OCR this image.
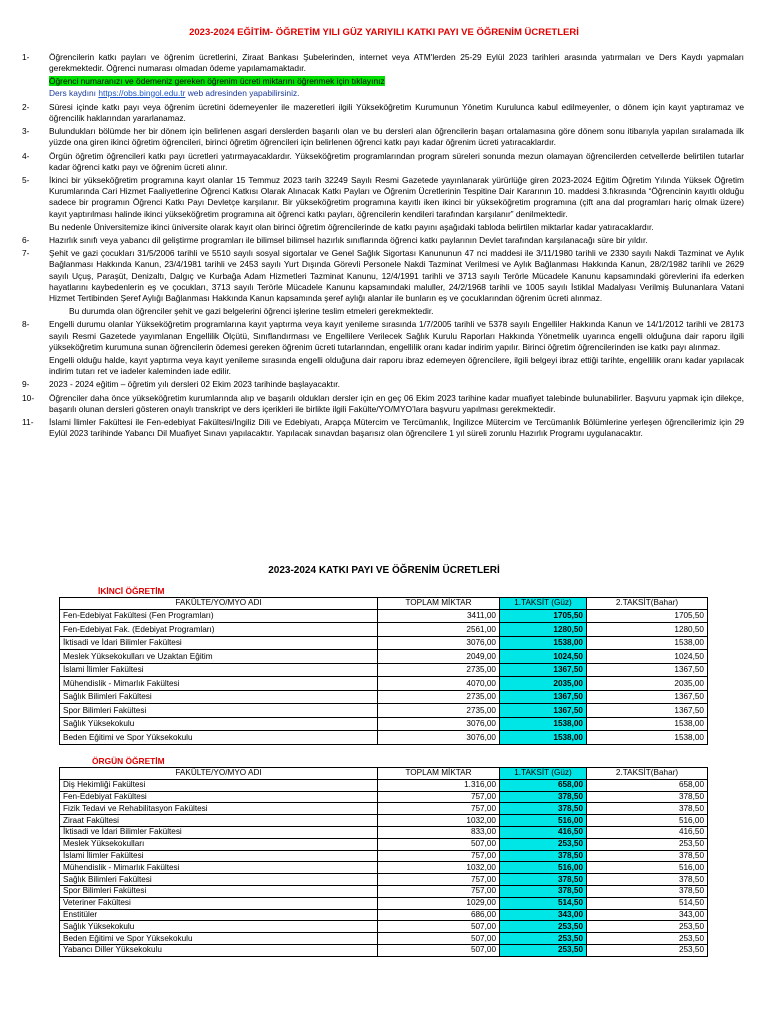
2023-2024 EĞİTİM- ÖĞRETİM YILI GÜZ YARIYILI KATKI PAYI VE ÖĞRENİM ÜCRETLERİ
1-	Öğrencilerin katkı payları ve öğrenim ücretlerini, Ziraat Bankası Şubelerinden, internet veya ATM'lerden 25-29 Eylül 2023 tarihleri arasında yatırmaları ve Ders Kaydı yapmaları gerekmektedir. Öğrenci numarası olmadan ödeme yapılamamaktadır.
Öğrenci numaranızı ve ödemeniz gereken öğrenim ücreti miktarını öğrenmek için tıklayınız
Ders kaydını https://obs.bingol.edu.tr web adresinden yapabilirsiniz.
2-	Süresi içinde katkı payı veya öğrenim ücretini ödemeyenler ile mazeretleri ilgili Yükseköğretim Kurumunun Yönetim Kurulunca kabul edilmeyenler, o dönem için kayıt yaptıramaz ve öğrencilik haklarından yararlanamaz.
3-	Bulundukları bölümde her bir dönem için belirlenen asgari derslerden başarılı olan ve bu dersleri alan öğrencilerin başarı ortalamasına göre dönem sonu itibarıyla yapılan sıralamada ilk yüzde ona giren ikinci öğretim öğrencileri, birinci öğretim öğrencileri için belirlenen öğrenci katkı payı kadar öğrenim ücreti yatıracaklardır.
4-	Örgün öğretim öğrencileri katkı payı ücretleri yatırmayacaklardır. Yükseköğretim programlarından program süreleri sonunda mezun olamayan öğrencilerden cetvellerde belirtilen tutarlar kadar öğrenci katkı payı ve öğrenim ücreti alınır.
5-	İkinci bir yükseköğretim programına kayıt olanlar 15 Temmuz 2023 tarih 32249 Sayılı Resmi Gazetede yayınlanarak yürürlüğe giren 2023-2024 Eğitim Öğretim Yılında Yüksek Öğretim Kurumlarında Cari Hizmet Faaliyetlerine Öğrenci Katkısı Olarak Alınacak Katkı Payları ve Öğrenim Ücretlerinin Tespitine Dair Kararının 10. maddesi 3.fıkrasında “Öğrencinin kayıtlı olduğu sadece bir programın Öğrenci Katkı Payı Devletçe karşılanır. Bir yükseköğretim programına kayıtlı iken ikinci bir yükseköğretim programına (çift ana dal programları hariç olmak üzere) kayıt yaptırılması halinde ikinci yükseköğretim programına ait öğrenci katkı payları, öğrencilerin kendileri tarafından karşılanır” denilmektedir.
Bu nedenle Üniversitemize ikinci üniversite olarak kayıt olan birinci öğretim öğrencilerinde de katkı payını aşağıdaki tabloda belirtilen miktarlar kadar yatıracaklardır.
6-	Hazırlık sınıfı veya yabancı dil geliştirme programları ile bilimsel bilimsel hazırlık sınıflarında öğrenci katkı paylarının Devlet tarafından karşılanacağı süre bir yıldır.
7-	Şehit ve gazi çocukları 31/5/2006 tarihli ve 5510 sayılı sosyal sigortalar ve Genel Sağlık Sigortası Kanununun 47 nci maddesi ile 3/11/1980 tarihli ve 2330 sayılı Nakdi Tazminat ve Aylık Bağlanması Hakkında Kanun, 23/4/1981 tarihli ve 2453 sayılı Yurt Dışında Görevli Personele Nakdi Tazminat Verilmesi ve Aylık Bağlanması Hakkında Kanun, 28/2/1982 tarihli ve 2629 sayılı Uçuş, Paraşüt, Denizaltı, Dalgıç ve Kurbağa Adam Hizmetleri Tazminat Kanunu, 12/4/1991 tarihli ve 3713 sayılı Terörle Mücadele Kanunu kapsamındaki görevlerini ifa ederken hayatlarını kaybedenlerin eş ve çocukları, 3713 sayılı Terörle Mücadele Kanunu kapsamındaki maluller, 24/2/1968 tarihli ve 1005 sayılı İstiklal Madalyası Verilmiş Bulunanlara Vatani Hizmet Tertibinden Şeref Aylığı Bağlanması Hakkında Kanun kapsamında şeref aylığı alanlar ile bunların eş ve çocuklarından öğrenim ücreti alınmaz.
Bu durumda olan öğrenciler şehit ve gazi belgelerini öğrenci işlerine teslim etmeleri gerekmektedir.
8-	Engelli durumu olanlar Yükseköğretim programlarına kayıt yaptırma veya kayıt yenileme sırasında 1/7/2005 tarihli ve 5378 sayılı Engelliler Hakkında Kanun ve 14/1/2012 tarihli ve 28173 sayılı Resmi Gazetede yayımlanan Engellilik Ölçütü, Sınıflandırması ve Engellilere Verilecek Sağlık Kurulu Raporları Hakkında Yönetmelik uyarınca engelli olduğuna dair raporu ilgili yükseköğretim kurumuna sunan öğrencilerin ödemesi gereken öğrenim ücreti tutarlarından, engellilik oranı kadar indirim yapılır. Birinci öğretim öğrencilerinden ise katkı payı alınmaz.
Engelli olduğu halde, kayıt yaptırma veya kayıt yenileme sırasında engelli olduğuna dair raporu ibraz edemeyen öğrencilere, ilgili belgeyi ibraz ettiği tarihte, engellilik oranı kadar yapılacak indirim tutarı ret ve iadeler kaleminden iade edilir.
9-	2023 - 2024 eğitim – öğretim yılı dersleri 02 Ekim 2023 tarihinde başlayacaktır.
10-	Öğrenciler daha önce yükseköğretim kurumlarında alıp ve başarılı oldukları dersler için en geç 06 Ekim 2023 tarihine kadar muafiyet talebinde bulunabilirler. Başvuru yapmak için dilekçe, başarılı olunan dersleri gösteren onaylı transkript ve ders içerikleri ile birlikte ilgili Fakülte/YO/MYO’lara başvuru yapılması gerekmektedir.
11-	İslami İlimler Fakültesi ile Fen-edebiyat Fakültesi/İngiliz Dili ve Edebiyatı, Arapça Mütercim ve Tercümanlık, İngilizce Mütercim ve Tercümanlık Bölümlerine yerleşen öğrencilerimiz için 29 Eylül 2023 tarihinde Yabancı Dil Muafiyet Sınavı yapılacaktır. Yapılacak sınavdan başarısız olan öğrencilere 1 yıl süreli zorunlu Hazırlık Programı uygulanacaktır.
2023-2024 KATKI PAYI VE ÖĞRENİM ÜCRETLERİ
İKİNCİ ÖĞRETİM
FAKÜLTE/YO/MYO ADI	TOPLAM MİKTAR	1.TAKSİT (Güz)	2.TAKSİT(Bahar)
Fen-Edebiyat Fakültesi (Fen Programları)	3411,00	1705,50	1705,50
Fen-Edebiyat Fak. (Edebiyat Programları)	2561,00	1280,50	1280,50
İktisadi ve İdari Bilimler Fakültesi	3076,00	1538,00	1538,00
Meslek Yüksekokulları ve Uzaktan Eğitim	2049,00	1024,50	1024,50
İslami İlimler Fakültesi	2735,00	1367,50	1367,50
Mühendislik - Mimarlık Fakültesi	4070,00	2035,00	2035,00
Sağlık Bilimleri Fakültesi	2735,00	1367,50	1367,50
Spor Bilimleri Fakültesi	2735,00	1367,50	1367,50
Sağlık Yüksekokulu	3076,00	1538,00	1538,00
Beden Eğitimi ve Spor Yüksekokulu	3076,00	1538,00	1538,00
ÖRGÜN ÖĞRETİM
FAKÜLTE/YO/MYO ADI	TOPLAM MİKTAR	1.TAKSİT (Güz)	2.TAKSİT(Bahar)
Diş Hekimliği Fakültesi	1.316,00	658,00	658,00
Fen-Edebiyat Fakültesi	757,00	378,50	378,50
Fizik Tedavi ve Rehabilitasyon Fakültesi	757,00	378,50	378,50
Ziraat Fakültesi	1032,00	516,00	516,00
İktisadi ve İdari Bilimler Fakültesi	833,00	416,50	416,50
Meslek Yüksekokulları	507,00	253,50	253,50
İslami İlimler Fakültesi	757,00	378,50	378,50
Mühendislik - Mimarlık Fakültesi	1032,00	516,00	516,00
Sağlık Bilimleri Fakültesi	757,00	378,50	378,50
Spor Bilimleri Fakültesi	757,00	378,50	378,50
Veteriner Fakültesi	1029,00	514,50	514,50
Enstitüler	686,00	343,00	343,00
Sağlık Yüksekokulu	507,00	253,50	253,50
Beden Eğitimi ve Spor Yüksekokulu	507,00	253,50	253,50
Yabancı Diller Yüksekokulu	507,00	253,50	253,50
